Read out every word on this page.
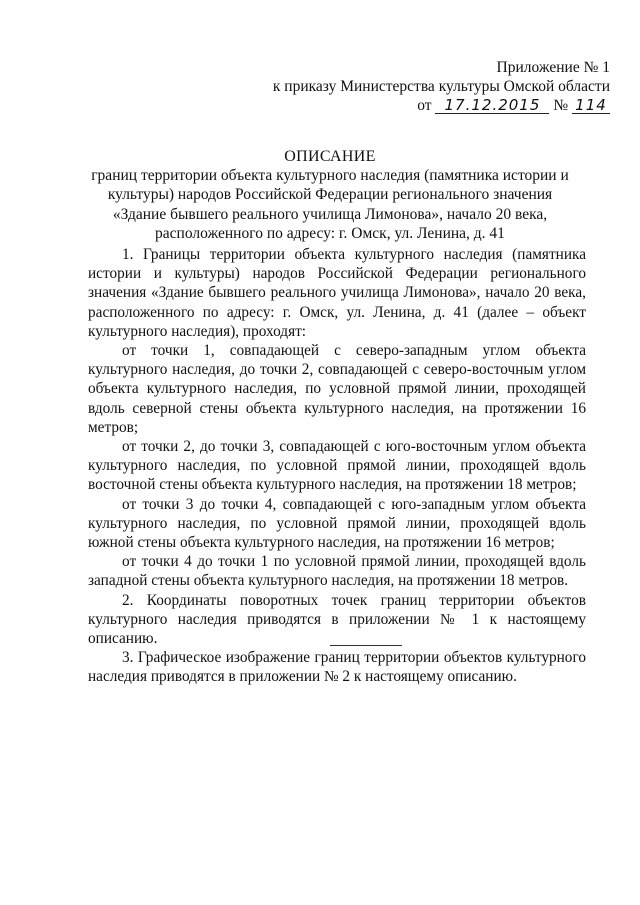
Приложение № 1
к приказу Министерства культуры Омской области
от 17.12.2015 № 114
ОПИСАНИЕ
границ территории объекта культурного наследия (памятника истории и
культуры) народов Российской Федерации регионального значения
«Здание бывшего реального училища Лимонова», начало 20 века,
расположенного по адресу: г. Омск, ул. Ленина, д. 41

1. Границы территории объекта культурного наследия (памятника истории и культуры) народов Российской Федерации регионального значения «Здание бывшего реального училища Лимонова», начало 20 века, расположенного по адресу: г. Омск, ул. Ленина, д. 41 (далее – объект культурного наследия), проходят:

от точки 1, совпадающей с северо-западным углом объекта культурного наследия, до точки 2, совпадающей с северо-восточным углом объекта культурного наследия, по условной прямой линии, проходящей вдоль северной стены объекта культурного наследия, на протяжении 16 метров;

от точки 2, до точки 3, совпадающей с юго-восточным углом объекта культурного наследия, по условной прямой линии, проходящей вдоль восточной стены объекта культурного наследия, на протяжении 18 метров;

от точки 3 до точки 4, совпадающей с юго-западным углом объекта культурного наследия, по условной прямой линии, проходящей вдоль южной стены объекта культурного наследия, на протяжении 16 метров;

от точки 4 до точки 1 по условной прямой линии, проходящей вдоль западной стены объекта культурного наследия, на протяжении 18 метров.

2. Координаты поворотных точек границ территории объектов культурного наследия приводятся в приложении № 1 к настоящему описанию.

3. Графическое изображение границ территории объектов культурного наследия приводятся в приложении № 2 к настоящему описанию.
